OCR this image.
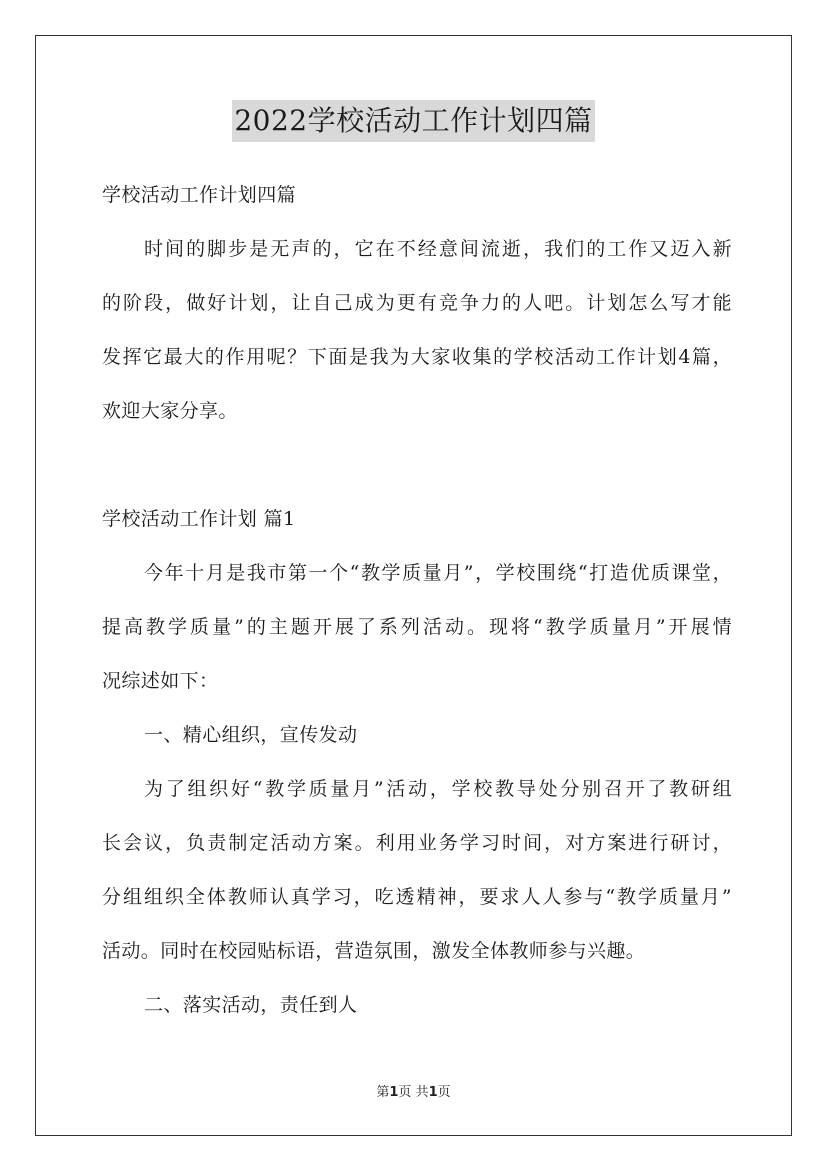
2022学校活动工作计划四篇
学校活动工作计划四篇
时间的脚步是无声的，它在不经意间流逝，我们的工作又迈入新
的阶段，做好计划，让自己成为更有竞争力的人吧。计划怎么写才能
发挥它最大的作用呢？下面是我为大家收集的学校活动工作计划4篇，
欢迎大家分享。
学校活动工作计划 篇1
今年十月是我市第一个“教学质量月”，学校围绕“打造优质课堂，
提高教学质量”的主题开展了系列活动。现将“教学质量月”开展情
况综述如下：
一、精心组织，宣传发动
为了组织好“教学质量月”活动，学校教导处分别召开了教研组
长会议，负责制定活动方案。利用业务学习时间，对方案进行研讨，
分组组织全体教师认真学习，吃透精神，要求人人参与“教学质量月”
活动。同时在校园贴标语，营造氛围，激发全体教师参与兴趣。
二、落实活动，责任到人
第1页 共1页
